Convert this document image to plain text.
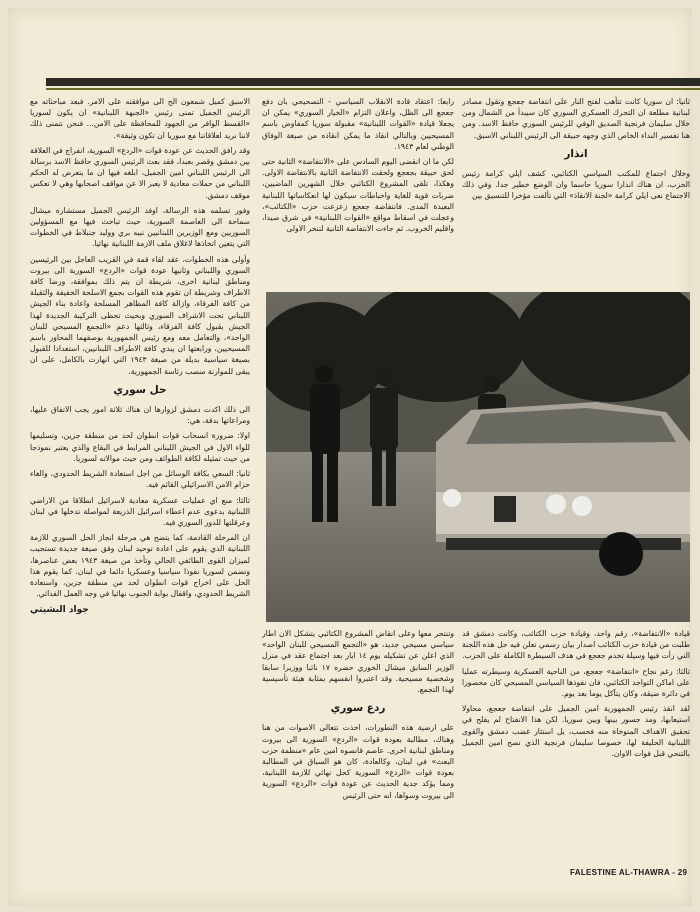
ثانيا: ان سوريا كانت تتأهب لفتح النار على انتفاضة جعجع وتقول مصادر لبنانية مطلعة ان التحرك العسكري السوري كان سيبدأ من الشمال ومن خلال سليمان فرنجية الصديق الوفي للرئيس السوري حافظ الاسد. ومن هنا تفسير النداء الخاص الذي وجهه حبيقة الى الرئيس اللبناني الاسبق.

انذار

وخلال اجتماع للمكتب السياسي الكتائبي، كشف ايلي كرامة رئيس الحزب، ان هناك انذارا سوريا حاسما وان الوضع خطير جدا. وفي ذلك الاجتماع نعى ايلي كرامة «لجنة الانقاذ» التي تألفت مؤخرا للتنسيق بين

رابعا: اعتقاد قادة الانقلاب السياسي - التصحيحي بان دفع جعجع الى الظل، واعلان التزام «الخيار السوري» يمكن ان يجعلا قيادة «القوات اللبنانية» مقبولة سوريا كمفاوض باسم المسيحيين وبالتالي انقاذ ما يمكن انقاذه من صيغة الوفاق الوطني لعام ١٩٤٣.

لكن ما ان انقضى اليوم السادس على «الانتفاضة» الثانية حتى لحق حبيقة بجعجع ولحقت الانتفاضة الثانية بالانتفاضة الاولى. وهكذا، تلقى المشروع الكتائبي خلال الشهرين الماضيين، ضربات قوية للغاية واحباطات سيكون لها انعكاساتها اللبنانية البعيدة المدى. فانتفاضة جعجع زعزعت حزب «الكتائب»، وعجلت في اسقاط مواقع «القوات اللبنانية» في شرق صيدا، واقليم الخروب. ثم جاءت الانتفاضة الثانية لتنحر الاولى

الاسبق كميل شمعون الح الى موافقته على الامر. فبعد مباحثاته مع الرئيس الجميل تمنى رئيس «الجبهة اللبنانية» ان يكون لسوريا «القسط الوافر من الجهود للمحافظة على الامن... فنحن نتمنى ذلك لاننا نريد لعلاقاتنا مع سوريا ان تكون وثيقة».

وقد رافق الحديث عن عودة قوات «الردع» السورية، انفراج في العلاقة بين دمشق وقصر بعبدا، فقد بعث الرئيس السوري حافظ الاسد برسالة الى الرئيس اللبناني امين الجميل، ابلغه فيها ان ما يتعرض له الحكم اللبناني من حملات معادية لا يعبر الا عن مواقف اصحابها وهي لا تعكس موقف دمشق.

وفور تسلمه هذه الرسالة، اوفد الرئيس الجميل مستشاره ميشال سماحة الى العاصمة السورية، حيث تباحث فيها مع المسؤولين السوريين ومع الوزيرين اللبنانيين نبيه بري ووليد جنبلاط في الخطوات التي يتعين اتخاذها لاغلاق ملف الازمة اللبنانية نهائيا.

وأولى هذه الخطوات، عقد لقاء قمة في القريب العاجل بين الرئيسين السوري واللبناني وثانيها عودة قوات «الردع» السورية الى بيروت ومناطق لبنانية اخرى، شريطة ان يتم ذلك بموافقة، ورضا كافة الاطراف وشريطة ان تقوم هذه القوات بجمع الاسلحة الخفيفة والثقيلة من كافة الفرقاء، وازالة كافة المظاهر المسلحة واعادة بناء الجيش اللبناني تحت الاشراف السوري وبحيث تحظى التركيبة الجديدة لهذا الجيش بقبول كافة الفرقاء، وثالثها دعم «التجمع المسيحي للبنان الواحد»، والتعامل معه ومع رئيس الجمهورية بوصفهما المحاور باسم المسيحيين، ورابعتها ان يبدي كافة الاطراف اللبنانيين، استعدادا للقبول بصيغة سياسية بديلة من صيغة ١٩٤٣ التي انهارت بالكامل، على ان يبقى للموارنة منصب رئاسة الجمهورية.

حل سوري

الى ذلك اكدت دمشق لزوارها ان هناك ثلاثة امور يجب الاتفاق عليها، ومراعاتها بدقة، هي:

اولا: ضرورة انسحاب قوات انطوان لحد من منطقة جزين، وتسليمها للواء الاول في الجيش اللبناني المرابط في البقاع والذي يعتبر نموذجا من حيث تمثيله لكافة الطوائف ومن حيث موالاته لسوريا.

ثانيا: السعي بكافة الوسائل من اجل استعادة الشريط الحدودي، والغاء حزام الامن الاسرائيلي القائم فيه.

ثالثا: منع اي عمليات عسكرية معادية لاسرائيل انطلاقا من الاراضي اللبنانية بدعوى عدم اعطاء اسرائيل الذريعة لمواصلة تدخلها في لبنان وعرقلتها للدور السوري فيه.

ان المرحلة القادمة، كما يتضح هي مرحلة انجاز الحل السوري للازمة اللبنانية الذي يقوم على اعادة توحيد لبنان وفق صيغة جديدة تستجيب لميزان القوى الطائفي الحالي وتأخذ من صيغة ١٩٤٣ بعض عناصرها، وتضمن لسوريا نفوذا سياسيا وعسكريا دائما في لبنان. كما يقوم هذا الحل على اخراج قوات انطوان لحد من منطقة جزين، واستعادة الشريط الحدودي، واقفال بوابة الجنوب نهائيا في وجه العمل الفدائي.

جواد البشيتي

قيادة «الانتفاضة»، رقم واحد، وقيادة حزب الكتائب، وكانت دمشق قد طلبت من قيادة حزب الكتائب اصدار بيان رسمي تعلن فيه حل هذه اللجنة التي رأت فيها وسيلة تخدم جعجع في هدف السيطرة الكاملة على الحزب.

ثالثا: رغم نجاح «انتفاضة» جعجع، من الناحية العسكرية وسيطرته عمليا على اماكن التواجد الكتائبي، فان نفوذها السياسي المسيحي كان محصورا في دائرة ضيقة، وكان يتآكل يوما بعد يوم.

لقد انقذ رئيس الجمهورية امين الجميل على انتفاضة جعجع، محاولا استيعابها، ومد جسور بينها وبين سوريا. لكن هذا الانفتاح لم يفلح في تحقيق الاهداف المتوخاة منه فحسب، بل استثار غضب دمشق والقوى اللبنانية الحليفة لها، خصوصا سليمان فرنجية الذي نصح امين الجميل بالتنحي قبل فوات الاوان.

وتنتحر معها وعلى انقاض المشروع الكتائبي يتشكل الان اطار سياسي مسيحي جديد، هو «التجمع المسيحي للبنان الواحد» الذي اعلن عن تشكيله يوم ١٤ ايار بعد اجتماع عقد في منزل الوزير السابق ميشال الخوري حضره ١٧ نائبا ووزيرا سابقا وشخصية مسيحية. وقد اعتبروا انفسهم بمثابة هيئة تأسيسية لهذا التجمع.

ردع سوري

على ارضية هذه التطورات، اخذت تتعالى الاصوات من هنا وهناك، مطالبة بعودة قوات «الردع» السورية الى بيروت ومناطق لبنانية اخرى. عاصم قانصوه امين عام «منظمة حزب البعث» في لبنان، وكالعادة، كان هو السباق في المطالبة بعودة قوات «الردع» السورية كحل نهائي للازمة اللبنانية، ومما يؤكد جدية الحديث عن عودة قوات «الردع» السورية الى بيروت وسواها، انه حتى الرئيس

FALESTINE AL-THAWRA - 29
